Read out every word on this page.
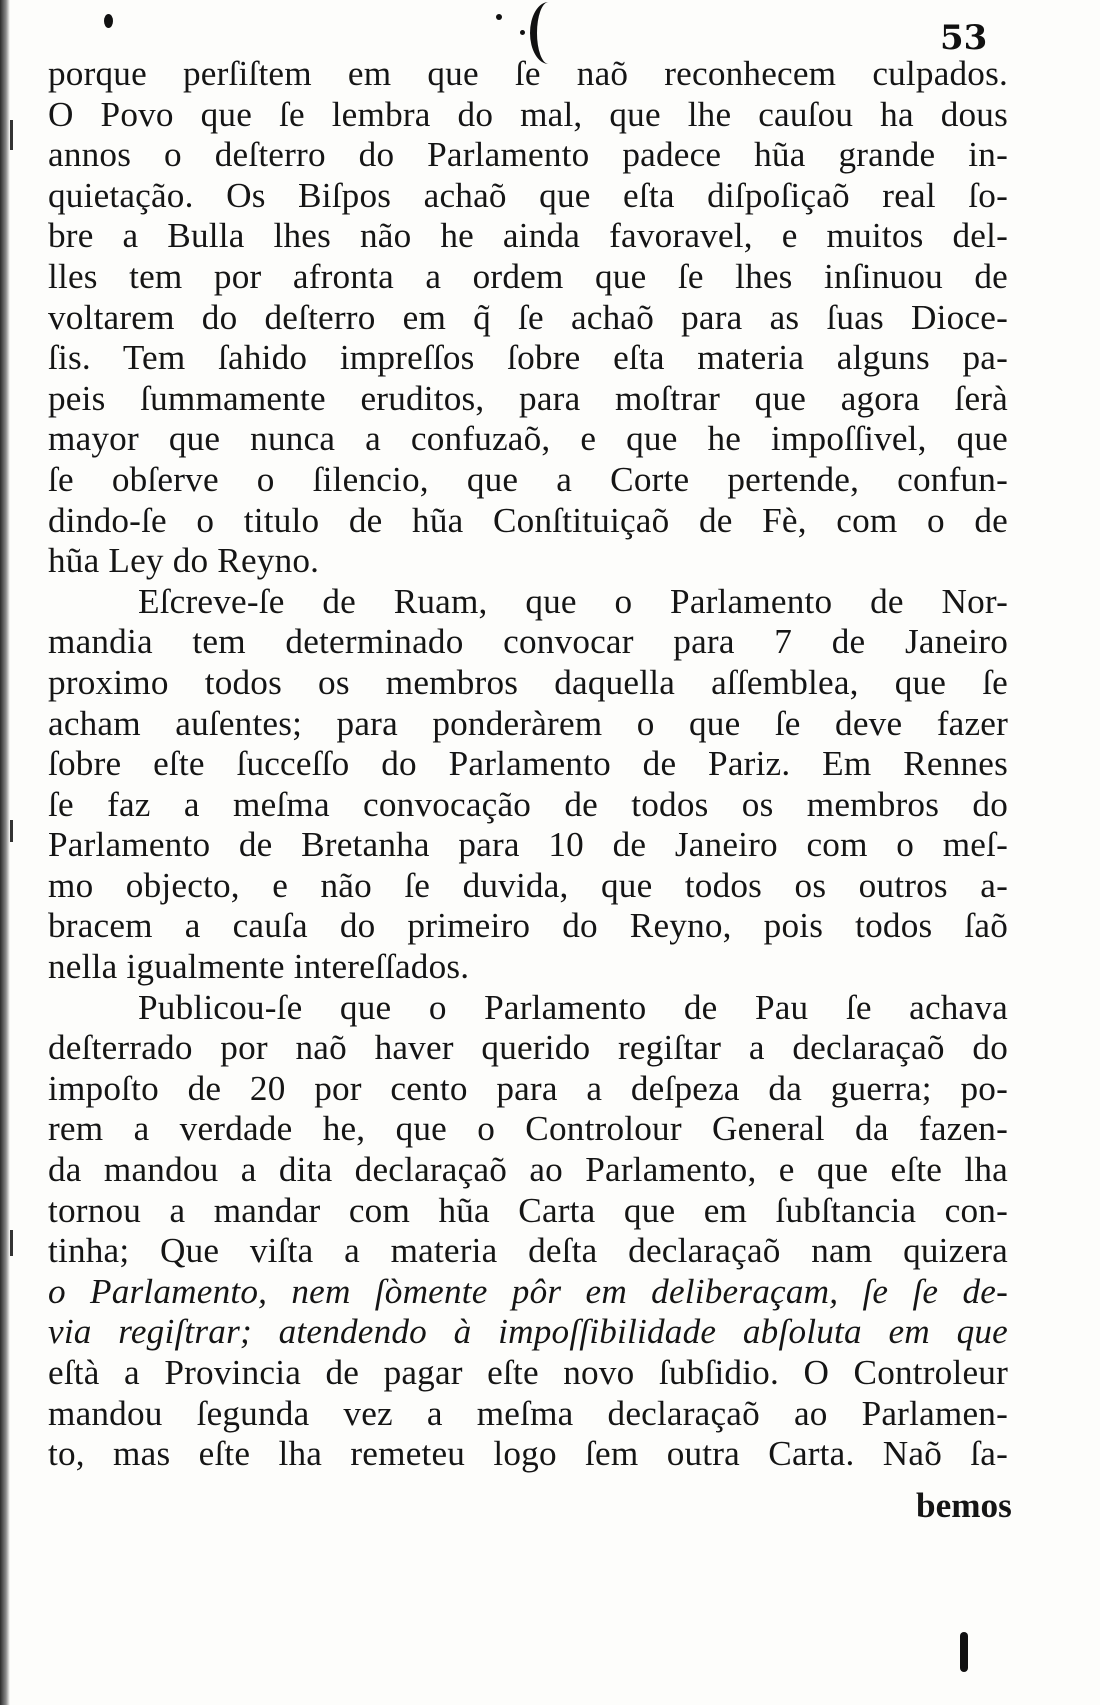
53
porque perſiſtem em que ſe naõ reconhecem culpados.
O Povo que ſe lembra do mal, que lhe cauſou ha dous
annos o deſterro do Parlamento padece hũa grande in-
quietação. Os Biſpos achaõ que eſta diſpoſiçaõ real ſo-
bre a Bulla lhes não he ainda favoravel, e muitos del-
lles tem por afronta a ordem que ſe lhes inſinuou de
voltarem do deſterro em q̃ ſe achaõ para as ſuas Dioce-
ſis. Tem ſahido impreſſos ſobre eſta materia alguns pa-
peis ſummamente eruditos, para moſtrar que agora ſerà
mayor que nunca a confuzaõ, e que he impoſſivel, que
ſe obſerve o ſilencio, que a Corte pertende, confun-
dindo-ſe o titulo de hũa Conſtituiçaõ de Fè, com o de
hũa Ley do Reyno.
Eſcreve-ſe de Ruam, que o Parlamento de Nor-
mandia tem determinado convocar para 7 de Janeiro
proximo todos os membros daquella aſſemblea, que ſe
acham auſentes; para ponderàrem o que ſe deve fazer
ſobre eſte ſucceſſo do Parlamento de Pariz. Em Rennes
ſe faz a meſma convocação de todos os membros do
Parlamento de Bretanha para 10 de Janeiro com o meſ-
mo objecto, e não ſe duvida, que todos os outros a-
bracem a cauſa do primeiro do Reyno, pois todos ſaõ
nella igualmente intereſſados.
Publicou-ſe que o Parlamento de Pau ſe achava
deſterrado por naõ haver querido regiſtar a declaraçaõ do
impoſto de 20 por cento para a deſpeza da guerra; po-
rem a verdade he, que o Controlour General da fazen-
da mandou a dita declaraçaõ ao Parlamento, e que eſte lha
tornou a mandar com hũa Carta que em ſubſtancia con-
tinha; Que viſta a materia deſta declaraçaõ nam quizera
o Parlamento, nem ſòmente pôr em deliberaçam, ſe ſe de-
via regiſtrar; atendendo à impoſſibilidade abſoluta em que
eſtà a Provincia de pagar eſte novo ſubſidio. O Controleur
mandou ſegunda vez a meſma declaraçaõ ao Parlamen-
to, mas eſte lha remeteu logo ſem outra Carta. Naõ ſa-
bemos
